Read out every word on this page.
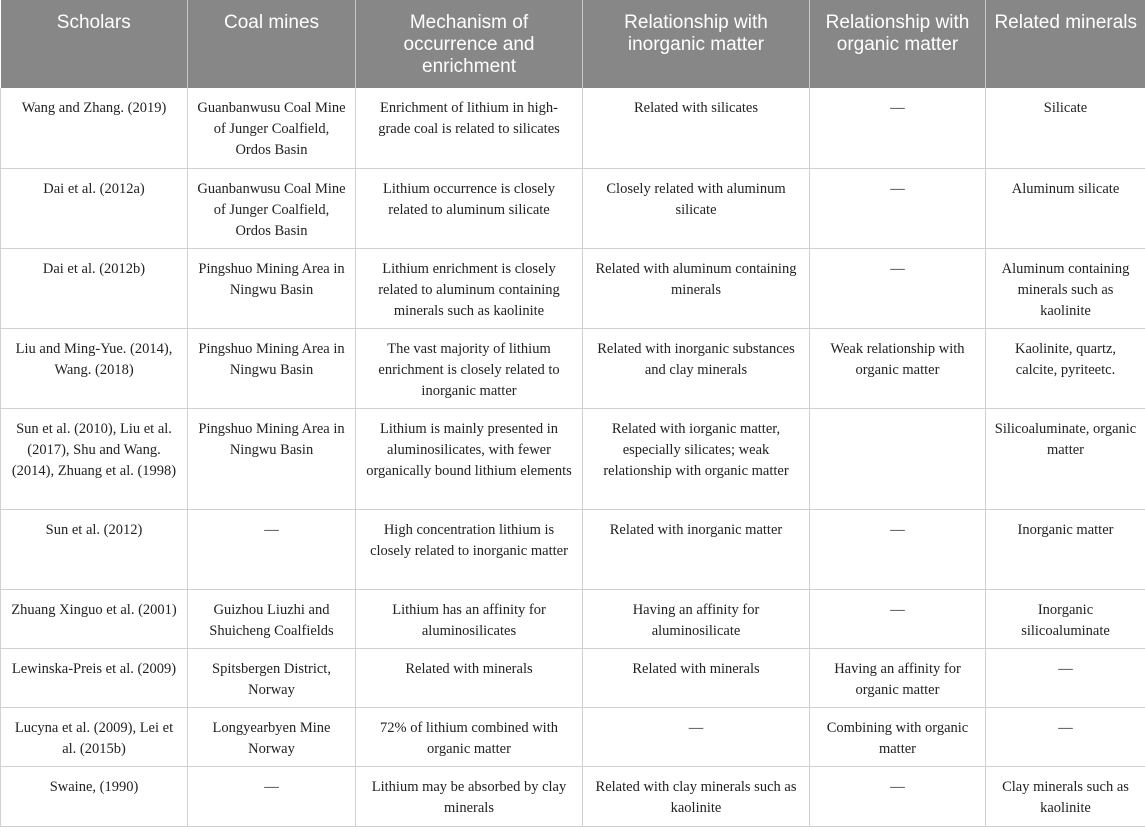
Scholars	Coal mines	Mechanism of occurrence and enrichment	Relationship with inorganic matter	Relationship with organic matter	Related minerals
Wang and Zhang. (2019)	Guanbanwusu Coal Mine of Junger Coalfield, Ordos Basin	Enrichment of lithium in high-grade coal is related to silicates	Related with silicates	—	Silicate
Dai et al. (2012a)	Guanbanwusu Coal Mine of Junger Coalfield, Ordos Basin	Lithium occurrence is closely related to aluminum silicate	Closely related with aluminum silicate	—	Aluminum silicate
Dai et al. (2012b)	Pingshuo Mining Area in Ningwu Basin	Lithium enrichment is closely related to aluminum containing minerals such as kaolinite	Related with aluminum containing minerals	—	Aluminum containing minerals such as kaolinite
Liu and Ming-Yue. (2014), Wang. (2018)	Pingshuo Mining Area in Ningwu Basin	The vast majority of lithium enrichment is closely related to inorganic matter	Related with inorganic substances and clay minerals	Weak relationship with organic matter	Kaolinite, quartz, calcite, pyriteetc.
Sun et al. (2010), Liu et al. (2017), Shu and Wang. (2014), Zhuang et al. (1998)	Pingshuo Mining Area in Ningwu Basin	Lithium is mainly presented in aluminosilicates, with fewer organically bound lithium elements	Related with iorganic matter, especially silicates; weak relationship with organic matter		Silicoaluminate, organic matter
Sun et al. (2012)	—	High concentration lithium is closely related to inorganic matter	Related with inorganic matter	—	Inorganic matter
Zhuang Xinguo et al. (2001)	Guizhou Liuzhi and Shuicheng Coalfields	Lithium has an affinity for aluminosilicates	Having an affinity for aluminosilicate	—	Inorganic silicoaluminate
Lewinska-Preis et al. (2009)	Spitsbergen District, Norway	Related with minerals	Related with minerals	Having an affinity for organic matter	—
Lucyna et al. (2009), Lei et al. (2015b)	Longyearbyen Mine Norway	72% of lithium combined with organic matter	—	Combining with organic matter	—
Swaine, (1990)	—	Lithium may be absorbed by clay minerals	Related with clay minerals such as kaolinite	—	Clay minerals such as kaolinite
